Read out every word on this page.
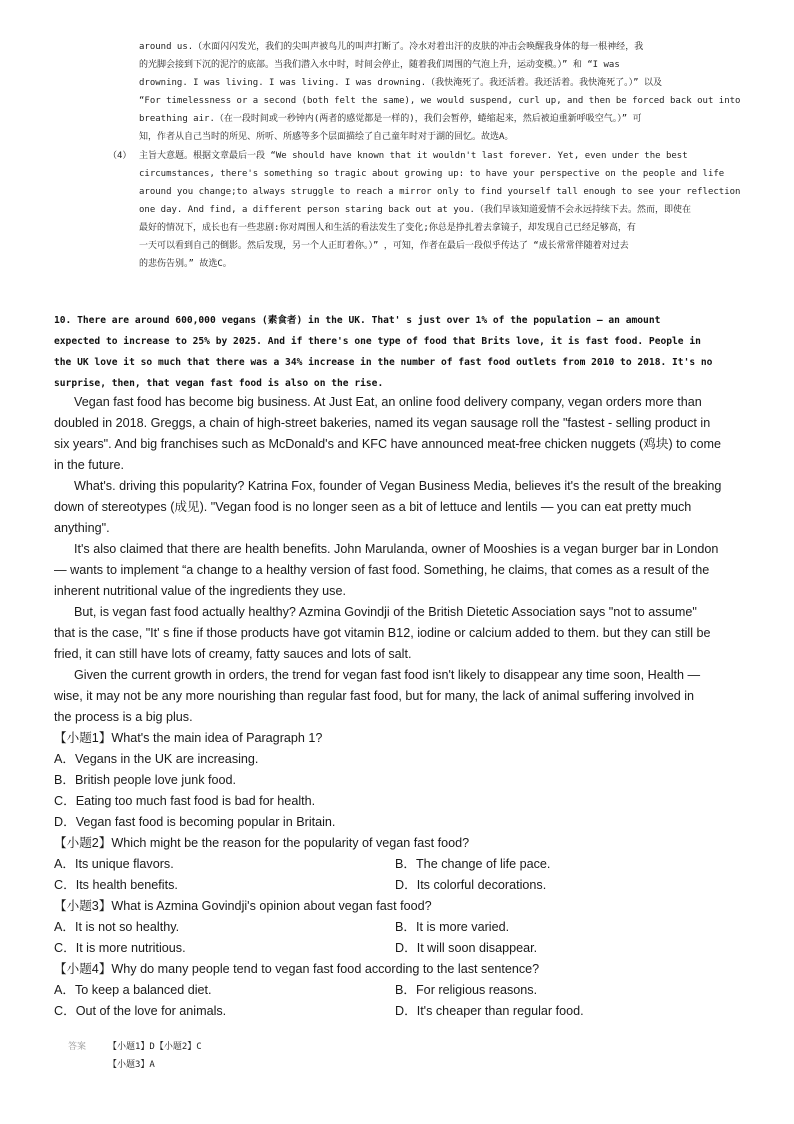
around us.（水面闪闪发光，我们的尖叫声被鸟儿的叫声打断了。冷水对着出汗的皮肤的冲击会唤醒我身体的每一根神经，我
的光脚会接到下沉的泥泞的底部。当我们潜入水中时，时间会停止，随着我们周围的气泡上升，运动变模。）” 和 “I was
drowning. I was living. I was living. I was drowning.（我快淹死了。我还活着。我还活着。我快淹死了。）” 以及
“For timelessness or a second (both felt the same), we would suspend, curl up, and then be forced back out into
breathing air.（在一段时间或一秒钟内(两者的感觉都是一样的)，我们会暂停，蜷缩起来，然后被迫重新呼吸空气。）” 可
知，作者从自己当时的所见、所听、所感等多个层面描绘了自己童年时对于湖的回忆。故选A。
（4） 主旨大意题。根据文章最后一段 “We should have known that it wouldn't last forever. Yet, even under the best
circumstances, there's something so tragic about growing up: to have your perspective on the people and life
around you change;to always struggle to reach a mirror only to find yourself tall enough to see your reflection
one day. And find, a different person staring back out at you.（我们早该知道爱情不会永远持续下去。然而，即使在
最好的情况下，成长也有一些悲剧:你对周围人和生活的看法发生了变化;你总是挣扎着去拿镜子，却发现自己已经足够高，有
一天可以看到自己的倒影。然后发现，另一个人正盯着你。）” ，可知，作者在最后一段似乎传达了 “成长常常伴随着对过去
的悲伤告别。” 故选C。
10. There are around 600,000 vegans (素食者) in the UK. That' s just over 1% of the population — an amount
expected to increase to 25% by 2025. And if there's one type of food that Brits love, it is fast food. People in
the UK love it so much that there was a 34% increase in the number of fast food outlets from 2010 to 2018. It's no
surprise, then, that vegan fast food is also on the rise.
Vegan fast food has become big business. At Just Eat, an online food delivery company, vegan orders more than
doubled in 2018. Greggs, a chain of high-street bakeries, named its vegan sausage roll the "fastest - selling product in
six years". And big franchises such as McDonald's and KFC have announced meat-free chicken nuggets (鸡块) to come
in the future.
What's. driving this popularity? Katrina Fox, founder of Vegan Business Media, believes it's the result of the breaking
down of stereotypes (成见). "Vegan food is no longer seen as a bit of lettuce and lentils — you can eat pretty much
anything".
It's also claimed that there are health benefits. John Marulanda, owner of Mooshies is a vegan burger bar in London
— wants to implement “a change to a healthy version of fast food. Something, he claims, that comes as a result of the
inherent nutritional value of the ingredients they use.
But, is vegan fast food actually healthy? Azmina Govindji of the British Dietetic Association says "not to assume"
that is the case, "It' s fine if those products have got vitamin B12, iodine or calcium added to them. but they can still be
fried, it can still have lots of creamy, fatty sauces and lots of salt.
Given the current growth in orders, the trend for vegan fast food isn't likely to disappear any time soon, Health —
wise, it may not be any more nourishing than regular fast food, but for many, the lack of animal suffering involved in
the process is a big plus.
【小题1】What's the main idea of Paragraph 1?
A．Vegans in the UK are increasing.
B．British people love junk food.
C．Eating too much fast food is bad for health.
D．Vegan fast food is becoming popular in Britain.
【小题2】Which might be the reason for the popularity of vegan fast food?
A．Its unique flavors.	B．The change of life pace.
C．Its health benefits.	D．Its colorful decorations.
【小题3】What is Azmina Govindji's opinion about vegan fast food?
A．It is not so healthy.	B．It is more varied.
C．It is more nutritious.	D．It will soon disappear.
【小题4】Why do many people tend to vegan fast food according to the last sentence?
A．To keep a balanced diet.	B．For religious reasons.
C．Out of the love for animals.	D．It's cheaper than regular food.
答案 【小题1】D【小题2】C
【小题3】A
